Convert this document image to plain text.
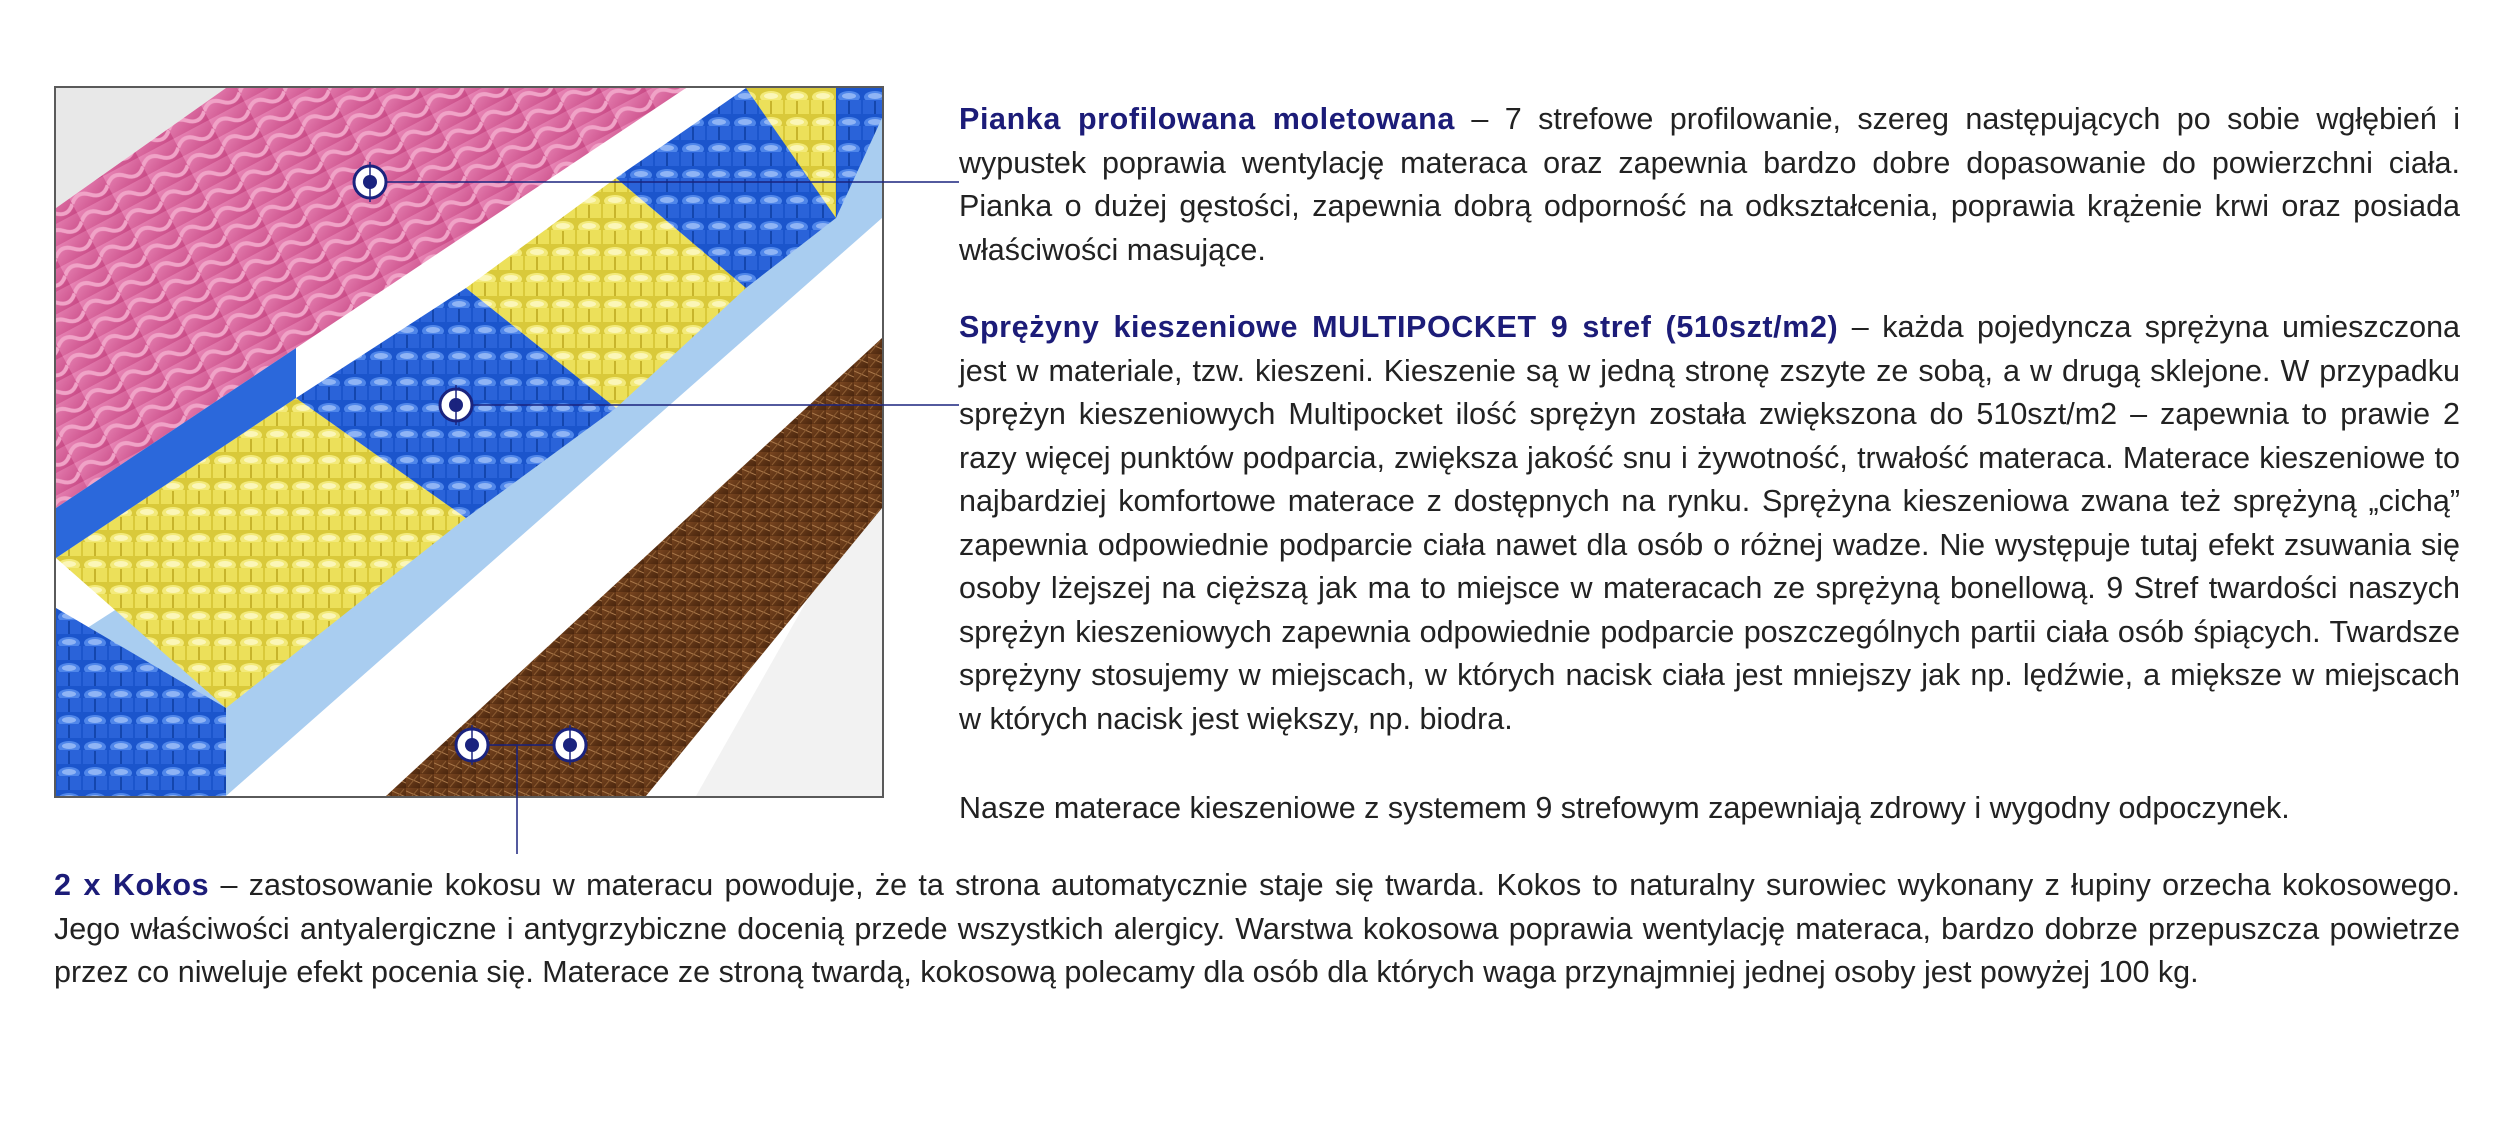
Pianka profilowana moletowana – 7 strefowe profilowanie, szereg następujących po sobie wgłębień i wypustek poprawia wentylację materaca oraz zapewnia bardzo dobre dopasowanie do powierzchni ciała. Pianka o dużej gęstości, zapewnia dobrą odporność na odkształcenia, poprawia krążenie krwi oraz posiada właściwości masujące.
Sprężyny kieszeniowe MULTIPOCKET 9 stref (510szt/m2) – każda pojedyncza sprężyna umieszczona jest w materiale, tzw. kieszeni. Kieszenie są w jedną stronę zszyte ze sobą, a w drugą sklejone. W przypadku sprężyn kieszeniowych Multipocket ilość sprężyn została zwiększona do 510szt/m2 – zapewnia to prawie 2 razy więcej punktów podparcia, zwiększa jakość snu i żywotność, trwałość materaca. Materace kieszeniowe to najbardziej komfortowe materace z dostępnych na rynku. Sprężyna kieszeniowa zwana też sprężyną „cichą” zapewnia odpowiednie podparcie ciała nawet dla osób o różnej wadze. Nie występuje tutaj efekt zsuwania się osoby lżejszej na cięższą jak ma to miejsce w materacach ze sprężyną bonellową. 9 Stref twardości naszych sprężyn kieszeniowych zapewnia odpowiednie podparcie poszczególnych partii ciała osób śpiących. Twardsze sprężyny stosujemy w miejscach, w których nacisk ciała jest mniejszy jak np. lędźwie, a miększe w miejscach w których nacisk jest większy, np. biodra.
Nasze materace kieszeniowe z systemem 9 strefowym zapewniają zdrowy i wygodny odpoczynek.
2 x Kokos – zastosowanie kokosu w materacu powoduje, że ta strona automatycznie staje się twarda. Kokos to naturalny surowiec wykonany z łupiny orzecha kokosowego. Jego właściwości antyalergiczne i antygrzybiczne docenią przede wszystkich alergicy. Warstwa kokosowa poprawia wentylację materaca, bardzo dobrze przepuszcza powietrze przez co niweluje efekt pocenia się. Materace ze stroną twardą, kokosową polecamy dla osób dla których waga przynajmniej jednej osoby jest powyżej 100 kg.
